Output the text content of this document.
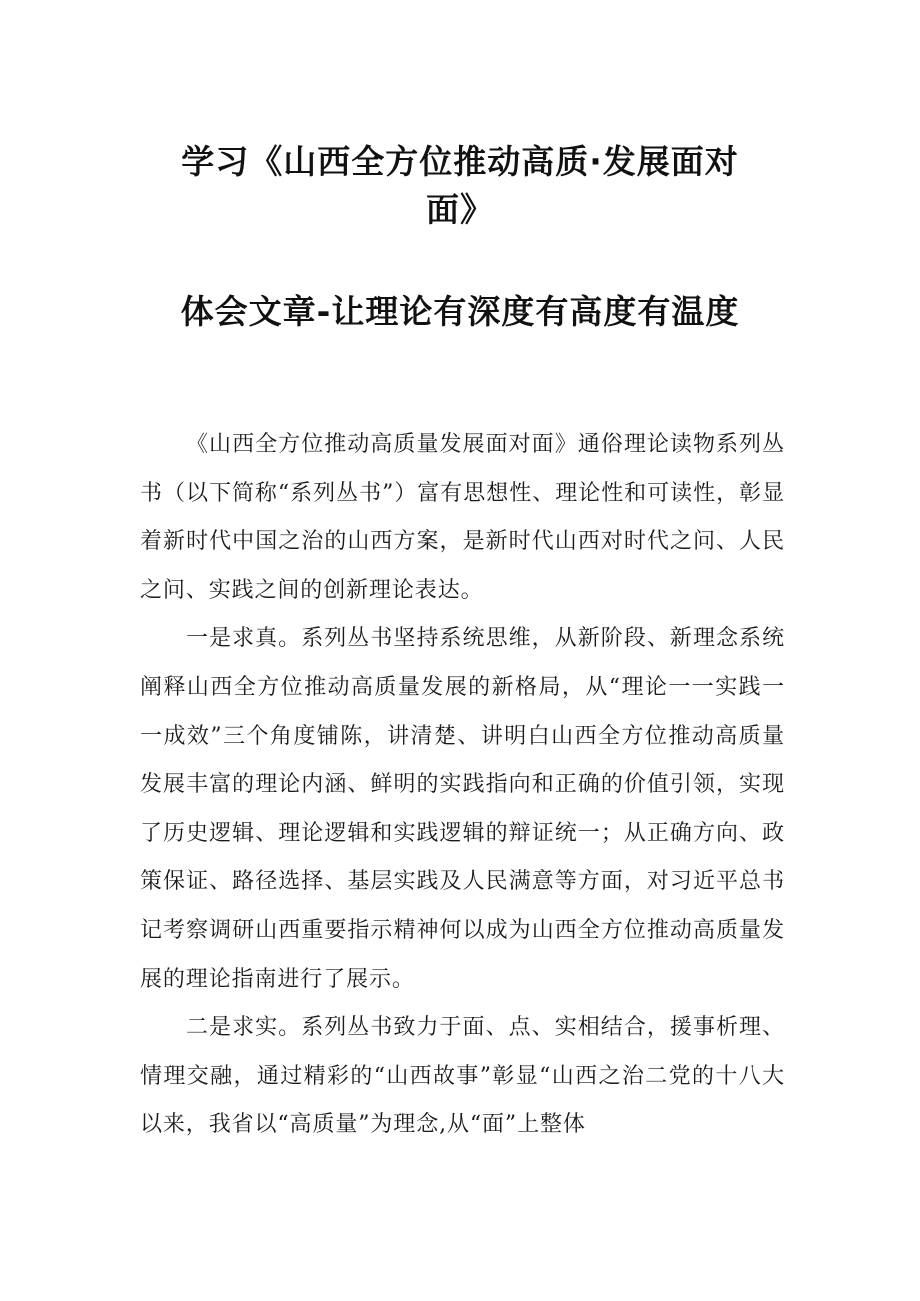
学习《山西全方位推动高质·发展面对
面》
体会文章-让理论有深度有高度有温度

《山西全方位推动高质量发展面对面》通俗理论读物系列丛书（以下简称“系列丛书”）富有思想性、理论性和可读性，彰显着新时代中国之治的山西方案，是新时代山西对时代之问、人民之问、实践之间的创新理论表达。

一是求真。系列丛书坚持系统思维，从新阶段、新理念系统阐释山西全方位推动高质量发展的新格局，从“理论一一实践一一成效”三个角度铺陈，讲清楚、讲明白山西全方位推动高质量发展丰富的理论内涵、鲜明的实践指向和正确的价值引领，实现了历史逻辑、理论逻辑和实践逻辑的辩证统一；从正确方向、政策保证、路径选择、基层实践及人民满意等方面，对习近平总书记考察调研山西重要指示精神何以成为山西全方位推动高质量发展的理论指南进行了展示。

二是求实。系列丛书致力于面、点、实相结合，援事析理、情理交融，通过精彩的“山西故事”彰显“山西之治二党的十八大以来，我省以“高质量”为理念,从“面”上整体
